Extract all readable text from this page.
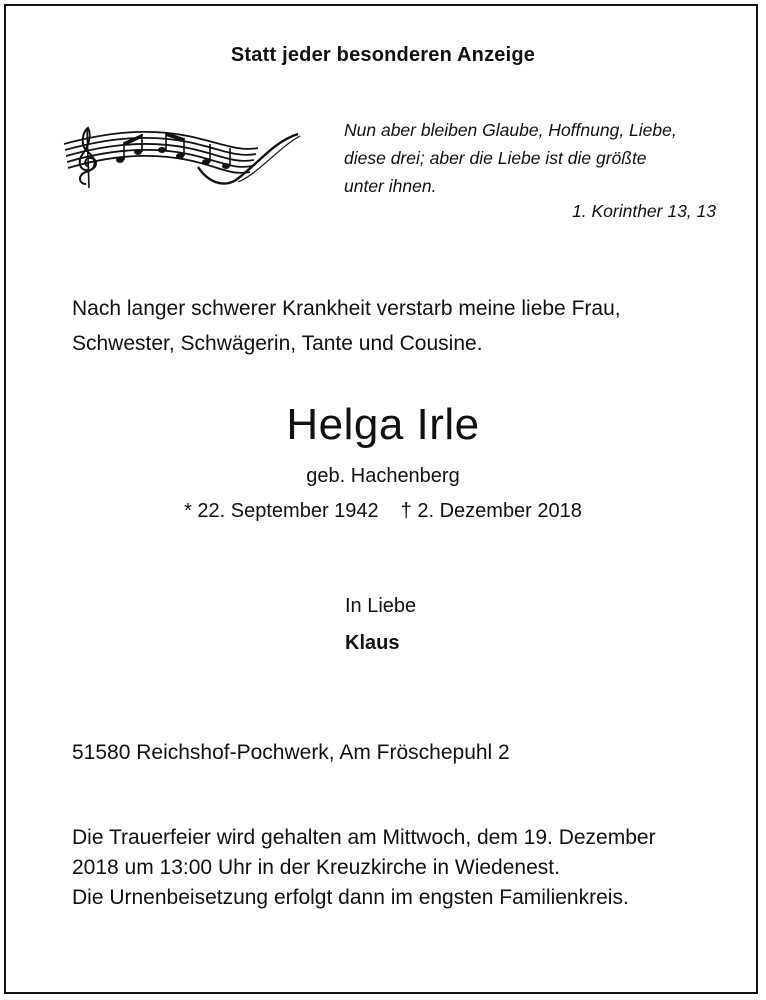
Statt jeder besonderen Anzeige
Nun aber bleiben Glaube, Hoffnung, Liebe,
diese drei; aber die Liebe ist die größte
unter ihnen.
1. Korinther 13, 13
Nach langer schwerer Krankheit verstarb meine liebe Frau,
Schwester, Schwägerin, Tante und Cousine.
Helga Irle
geb. Hachenberg
* 22. September 1942 † 2. Dezember 2018
In Liebe
Klaus
51580 Reichshof-Pochwerk, Am Fröschepuhl 2
Die Trauerfeier wird gehalten am Mittwoch, dem 19. Dezember
2018 um 13:00 Uhr in der Kreuzkirche in Wiedenest.
Die Urnenbeisetzung erfolgt dann im engsten Familienkreis.
